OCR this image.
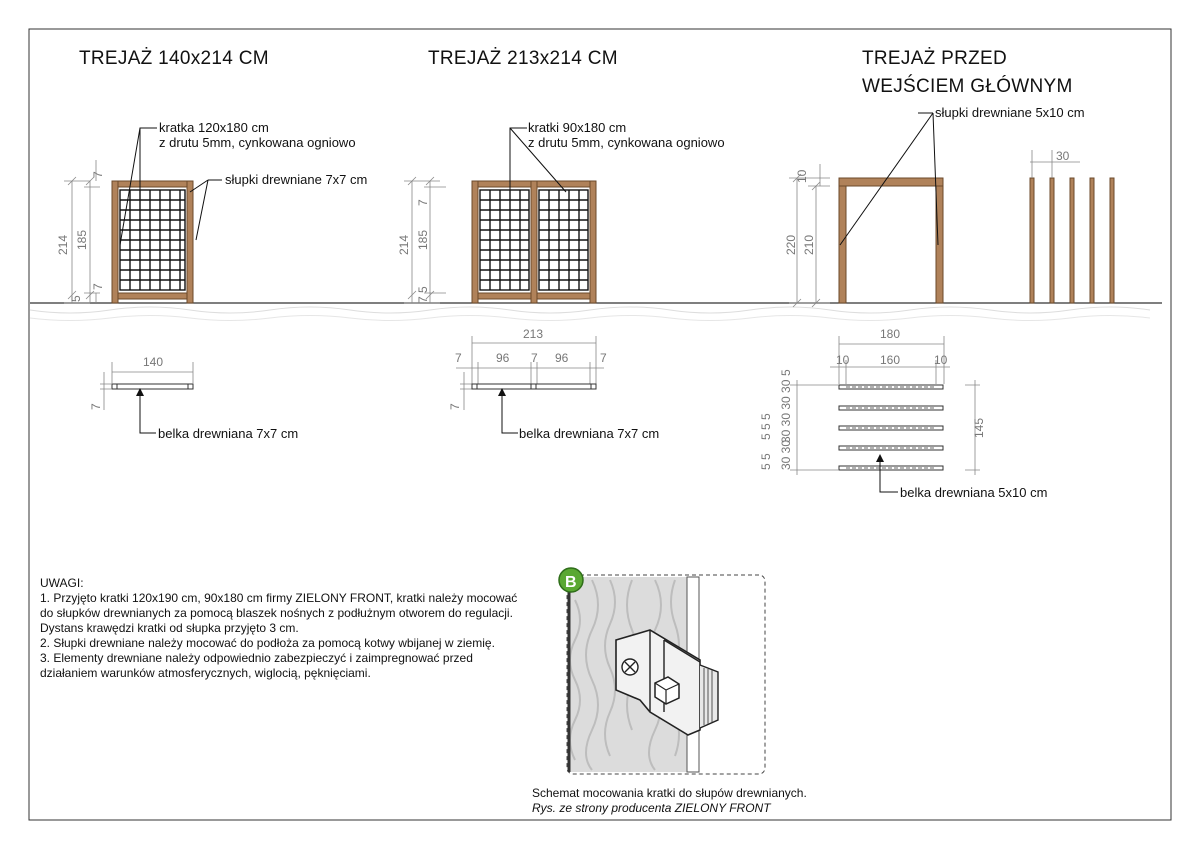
TREJAŻ 140x214 CM
214 185
7
7
5
kratka 120x180 cm
z drutu 5mm, cynkowana ogniowo
słupki drewniane 7x7 cm
140
7
belka drewniana 7x7 cm
TREJAŻ 213x214 CM
214 185
7
7
5
kratki 90x180 cm
z drutu 5mm, cynkowana ogniowo
213
7	96 7 96	7
7
belka drewniana 7x7 cm
TREJAŻ PRZED
WEJŚCIEM GŁÓWNYM
słupki drewniane 5x10 cm
220 210
10
30
180
10	160	10
145
5
5 5 5 30 30 30 30
5 5 30 30
belka drewniana 5x10 cm
UWAGI:
1. Przyjęto kratki 120x190 cm, 90x180 cm firmy ZIELONY FRONT, kratki należy mocować
do słupków drewnianych za pomocą blaszek nośnych z podłużnym otworem do regulacji.
Dystans krawędzi kratki od słupka przyjęto 3 cm.
2. Słupki drewniane należy mocować do podłoża za pomocą kotwy wbijanej w ziemię.
3. Elementy drewniane należy odpowiednio zabezpieczyć i zaimpregnować przed
działaniem warunków atmosferycznych, wiglocią, pęknięciami.
B
Schemat mocowania kratki do słupów drewnianych.
Rys. ze strony producenta ZIELONY FRONT
